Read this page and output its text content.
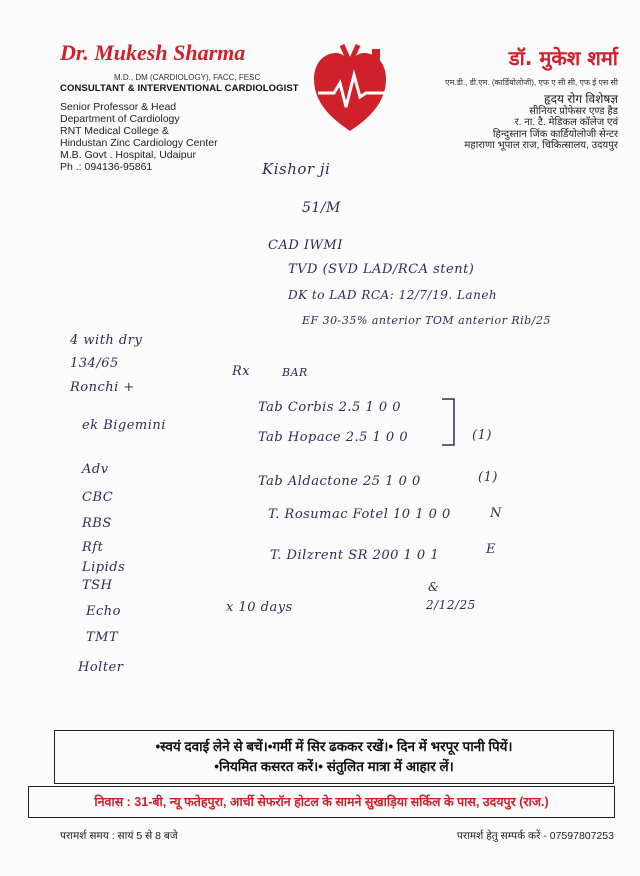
Dr. Mukesh Sharma
M.D., DM (CARDIOLOGY), FACC, FESC
CONSULTANT & INTERVENTIONAL CARDIOLOGIST
Senior Professor & Head
Department of Cardiology
RNT Medical College &
Hindustan Zinc Cardiology Center
M.B. Govt . Hospital, Udaipur
Ph .: 094136-95861
डॉ. मुकेश शर्मा
एम.डी., डी.एम. (कार्डियोलोजी), एफ ए सी सी, एफ ई एस सी
हृदय रोग विशेषज्ञ
सीनियर प्रोफेसर एण्ड हैड
र. ना. टै. मेडिकल कॉलेज एवं
हिन्दुस्तान जिंक कार्डियोलोजी सेन्टर
महाराणा भूपाल राज, चिकित्सालय, उदयपुर
Kishor ji
51/M
CAD IWMI
TVD (SVD LAD/RCA stent)
DK to LAD RCA: 12/7/19. Laneh
EF 30-35% anterior TOM anterior Rib/25
4 with dry
134/65
Ronchi +
Rx	BAR
ek Bigemini
Tab Corbis 2.5 1 0 0
Tab Hopace 2.5 1 0 0
Tab Aldactone 25 1 0 0
T. Rosumac Fotel 10 1 0 0
T. Dilzrent SR 200 1 0 1
(1)
(1)
N
E
Adv
CBC
RBS
Rft
Lipids
TSH
Echo
TMT
Holter
x 10 days
&
2/12/25
•स्वयं दवाई लेने से बचें।•गर्मी में सिर ढककर रखें।• दिन में भरपूर पानी पियें।
•नियमित कसरत करें।• संतुलित मात्रा में आहार लें।
निवास : 31-बी, न्यू फतेहपुरा, आर्ची सेफरॉन होटल के सामने सुखाड़िया सर्किल के पास, उदयपुर (राज.)
परामर्श समय : सायं 5 से 8 बजे	परामर्श हेतु सम्पर्क करें - 07597807253
